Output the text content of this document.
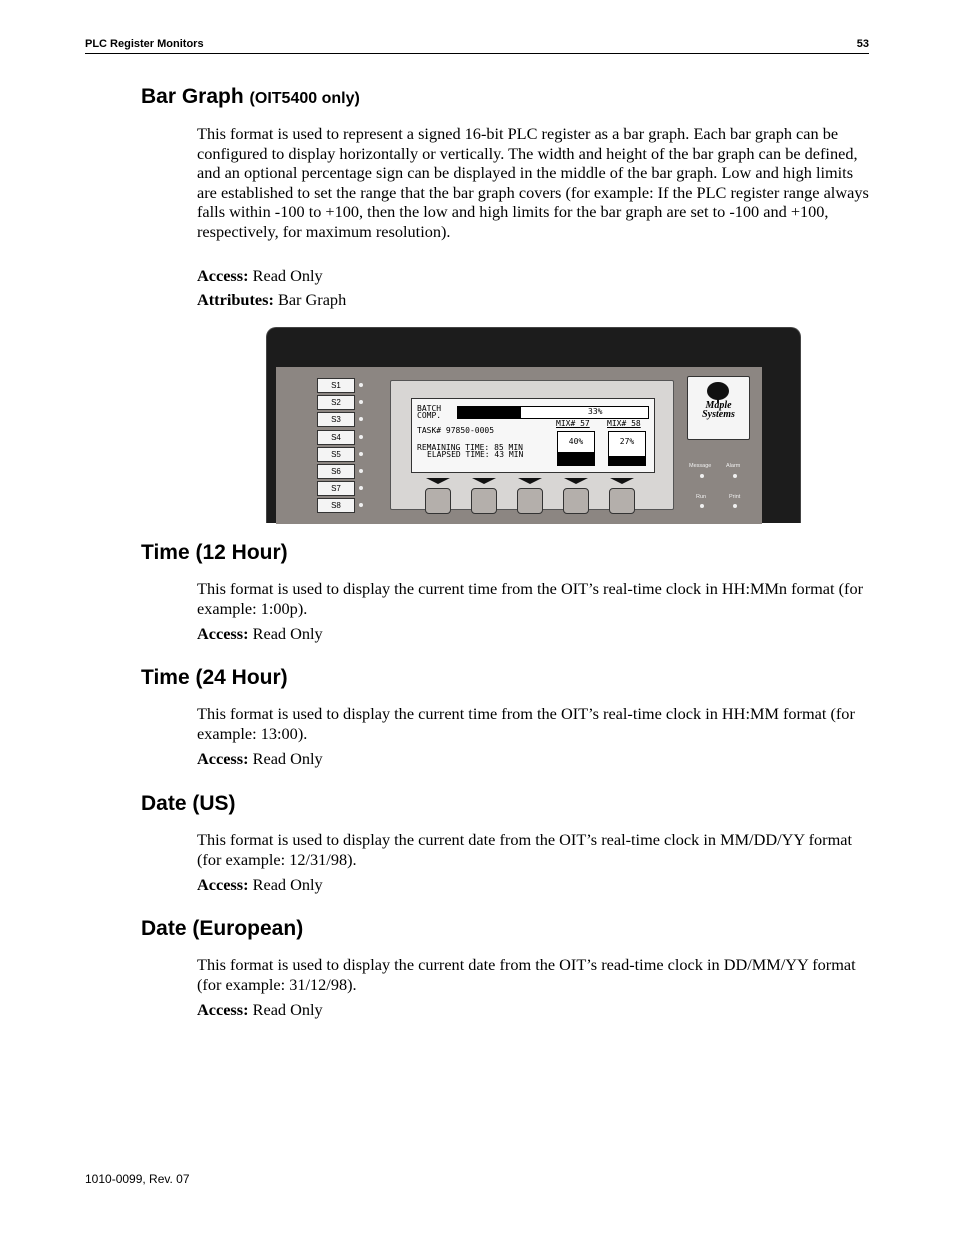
PLC Register Monitors	53
Bar Graph (OIT5400 only)

This format is used to represent a signed 16-bit PLC register as a bar graph. Each bar graph can be configured to display horizontally or vertically. The width and height of the bar graph can be defined, and an optional percentage sign can be displayed in the middle of the bar graph. Low and high limits are established to set the range that the bar graph covers (for example: If the PLC register range always falls within -100 to +100, then the low and high limits for the bar graph are set to -100 and +100, respectively, for maximum resolution).

Access: Read Only
Attributes: Bar Graph
S1
S2
S3
S4
S5
S6
S7
S8
BATCH
COMP.	33%
TASK# 97850-0005
REMAINING TIME: 85 MIN
ELAPSED TIME: 43 MIN
MIX# 57
40%
MIX# 58
27%
Maple
Systems
Message	Alarm
Run	Print
Time (12 Hour)

This format is used to display the current time from the OIT’s real-time clock in HH:MMn format (for example: 1:00p).

Access: Read Only
Time (24 Hour)

This format is used to display the current time from the OIT’s real-time clock in HH:MM format (for example: 13:00).

Access: Read Only
Date (US)

This format is used to display the current date from the OIT’s real-time clock in MM/DD/YY format (for example: 12/31/98).

Access: Read Only
Date (European)

This format is used to display the current date from the OIT’s read-time clock in DD/MM/YY format (for example: 31/12/98).

Access: Read Only
1010-0099, Rev. 07
